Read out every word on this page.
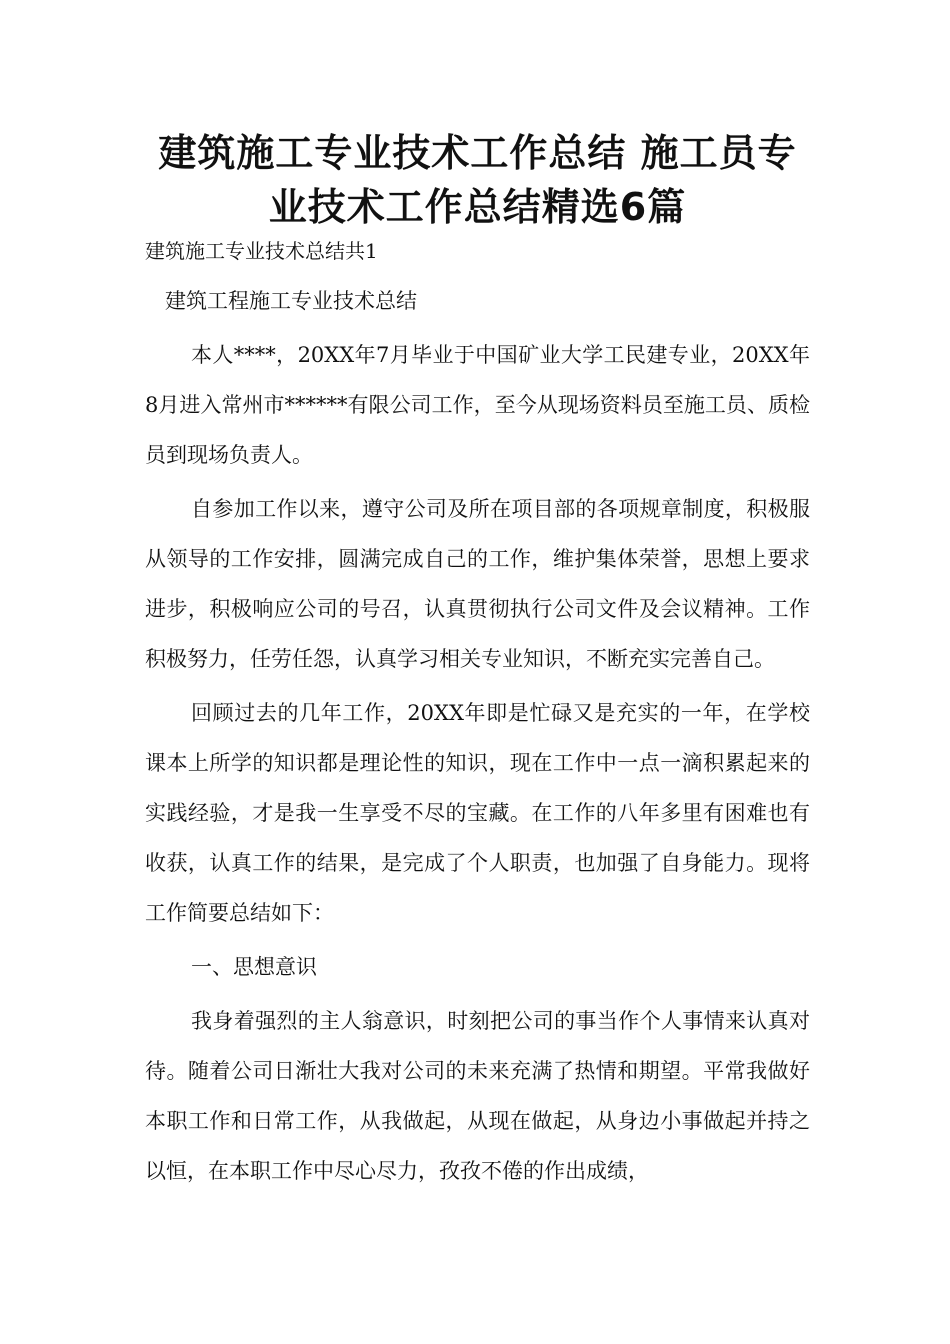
建筑施工专业技术工作总结 施工员专业技术工作总结精选6篇

建筑施工专业技术总结共1

建筑工程施工专业技术总结

本人****，20XX年7月毕业于中国矿业大学工民建专业，20XX年8月进入常州市******有限公司工作，至今从现场资料员至施工员、质检员到现场负责人。

自参加工作以来，遵守公司及所在项目部的各项规章制度，积极服从领导的工作安排，圆满完成自己的工作，维护集体荣誉，思想上要求进步，积极响应公司的号召，认真贯彻执行公司文件及会议精神。工作积极努力，任劳任怨，认真学习相关专业知识，不断充实完善自己。

回顾过去的几年工作，20XX年即是忙碌又是充实的一年，在学校课本上所学的知识都是理论性的知识，现在工作中一点一滴积累起来的实践经验，才是我一生享受不尽的宝藏。在工作的八年多里有困难也有收获，认真工作的结果，是完成了个人职责，也加强了自身能力。现将工作简要总结如下：

一、思想意识

我身着强烈的主人翁意识，时刻把公司的事当作个人事情来认真对待。随着公司日渐壮大我对公司的未来充满了热情和期望。平常我做好本职工作和日常工作，从我做起，从现在做起，从身边小事做起并持之以恒，在本职工作中尽心尽力，孜孜不倦的作出成绩，
